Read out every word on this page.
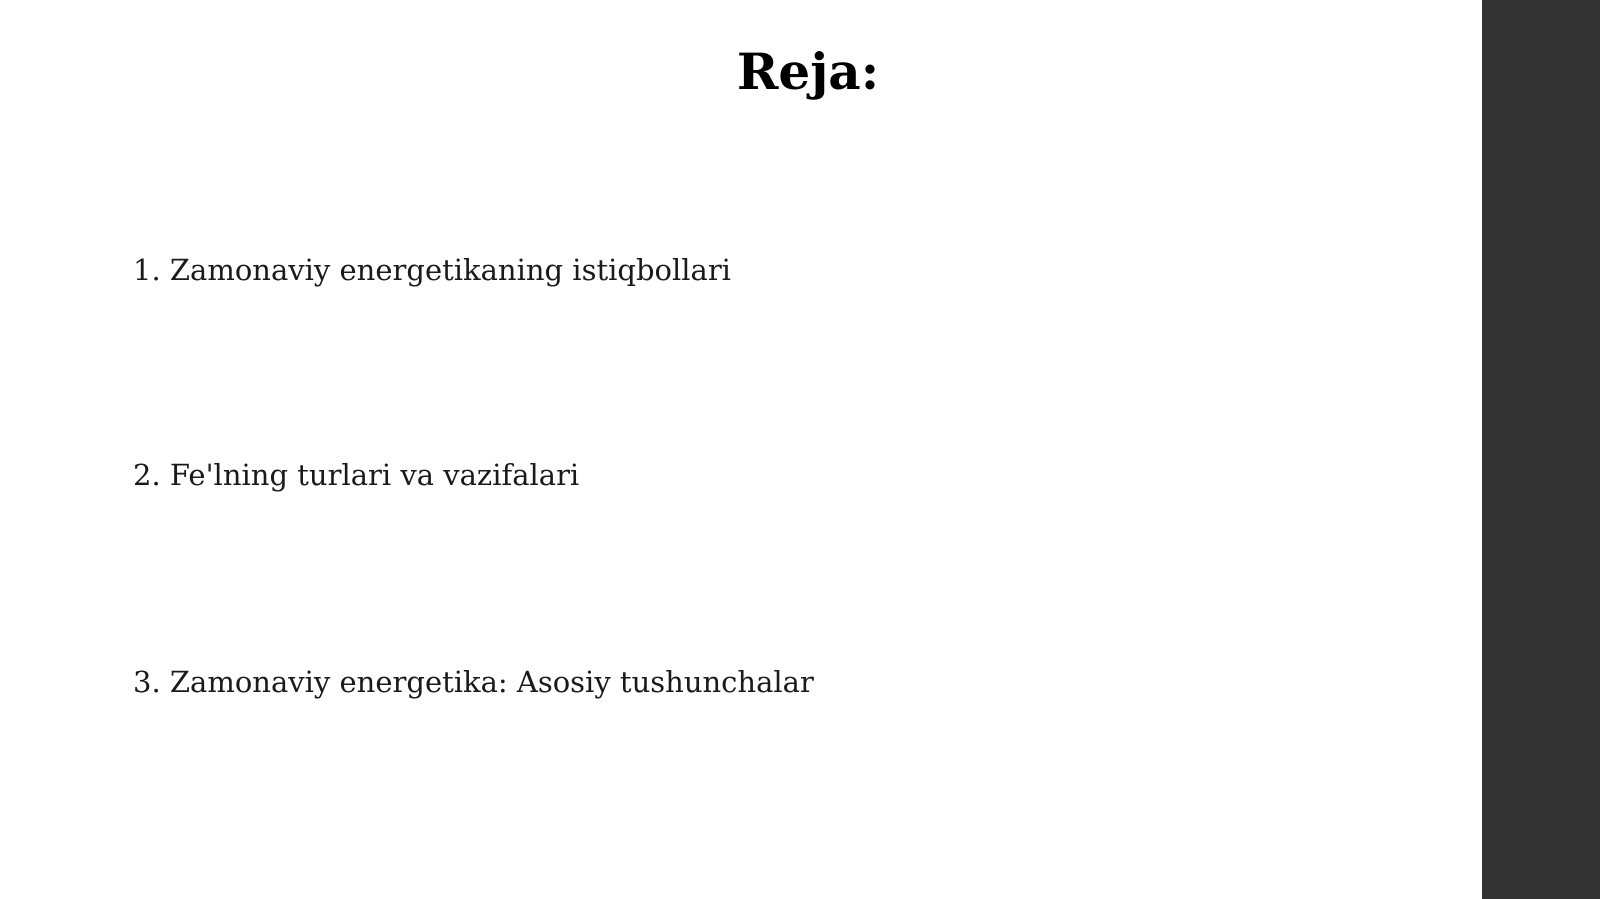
Reja:

1. Zamonaviy energetikaning istiqbollari

2. Fe'lning turlari va vazifalari

3. Zamonaviy energetika: Asosiy tushunchalar
